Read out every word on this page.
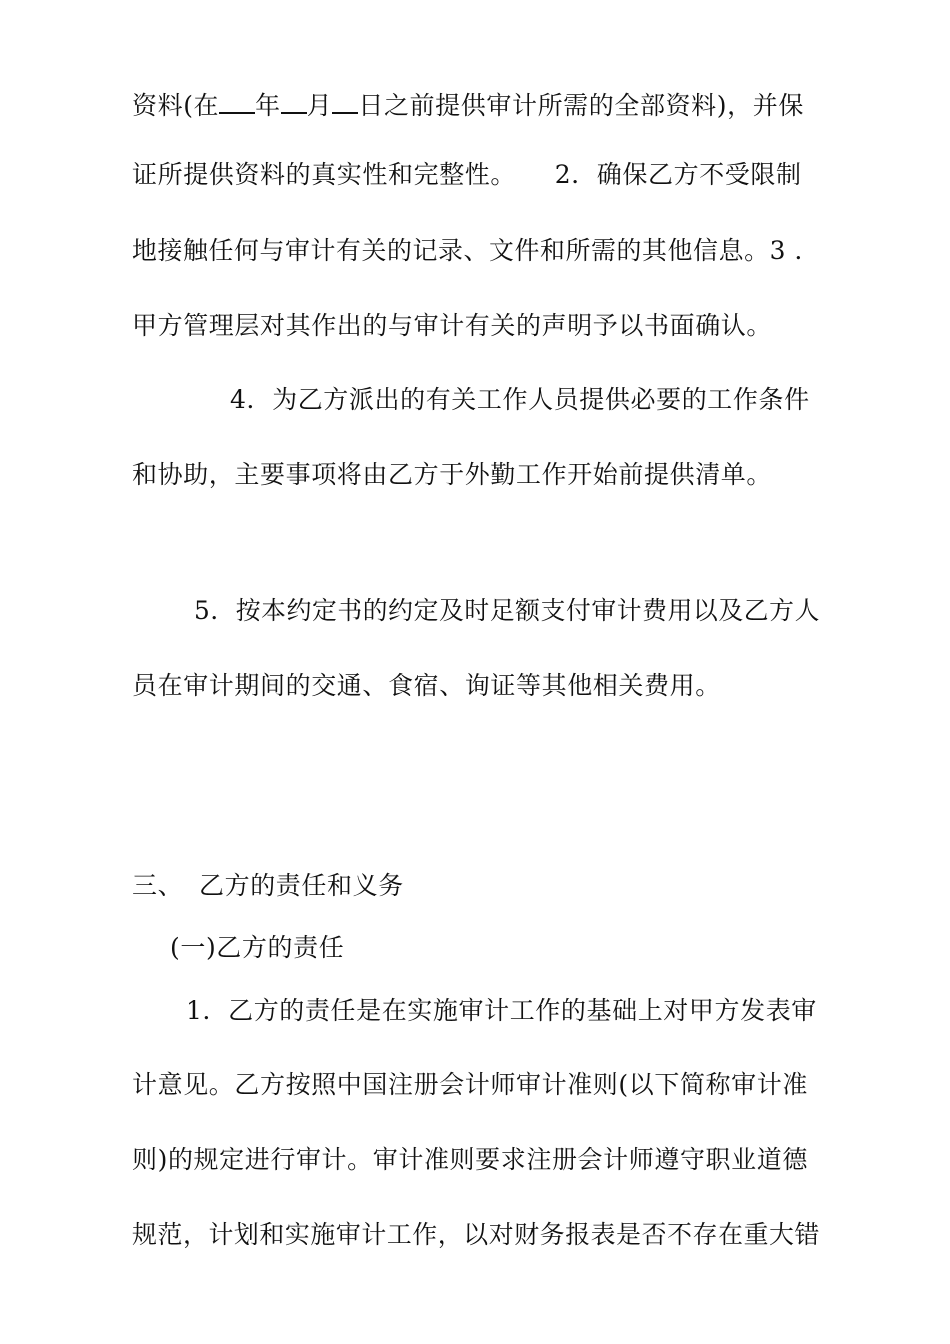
资料(在 年 月 日之前提供审计所需的全部资料)，并保
证所提供资料的真实性和完整性。　　2．确保乙方不受限制
地接触任何与审计有关的记录、文件和所需的其他信息。3 ．
甲方管理层对其作出的与审计有关的声明予以书面确认。
4．为乙方派出的有关工作人员提供必要的工作条件
和协助，主要事项将由乙方于外勤工作开始前提供清单。
5．按本约定书的约定及时足额支付审计费用以及乙方人
员在审计期间的交通、食宿、询证等其他相关费用。
三、 乙方的责任和义务
(一)乙方的责任
1．乙方的责任是在实施审计工作的基础上对甲方发表审
计意见。乙方按照中国注册会计师审计准则(以下简称审计准
则)的规定进行审计。审计准则要求注册会计师遵守职业道德
规范，计划和实施审计工作，以对财务报表是否不存在重大错
